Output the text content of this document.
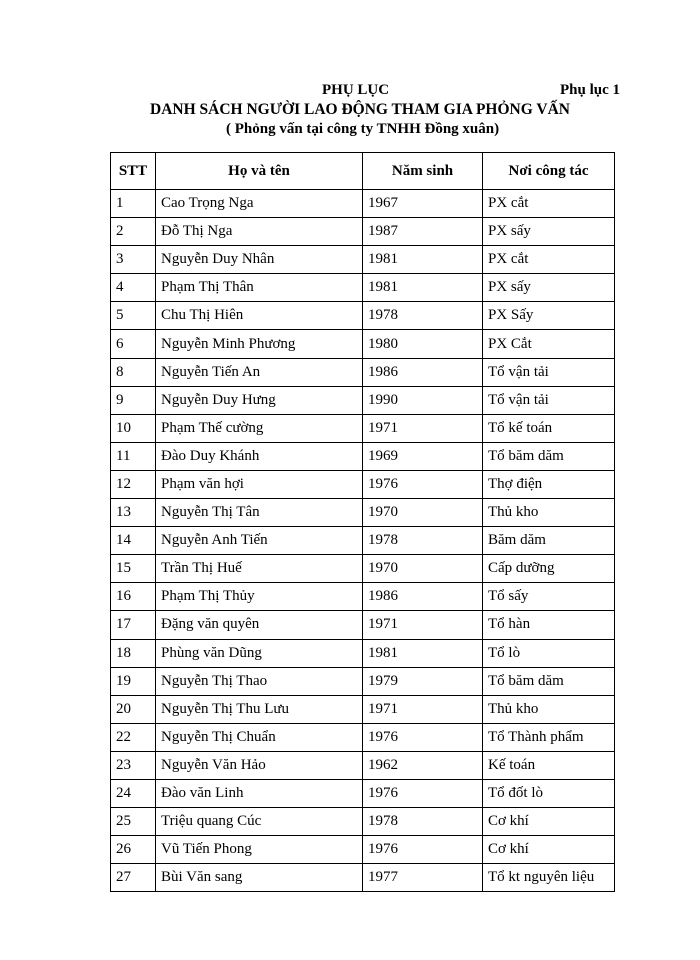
PHỤ LỤC	Phụ lục 1
DANH SÁCH NGƯỜI LAO ĐỘNG THAM GIA PHỎNG VẤN
( Phỏng vấn tại công ty TNHH Đồng xuân)
STT	Họ và tên	Năm sinh	Nơi công tác
1	Cao Trọng Nga	1967	PX cắt
2	Đỗ Thị Nga	1987	PX sấy
3	Nguyễn Duy Nhân	1981	PX cắt
4	Phạm Thị Thân	1981	PX sấy
5	Chu Thị Hiên	1978	PX Sấy
6	Nguyễn Minh Phương	1980	PX Cắt
8	Nguyễn Tiến An	1986	Tổ vận tải
9	Nguyễn Duy Hưng	1990	Tổ vận tải
10	Phạm Thế cường	1971	Tổ kế toán
11	Đào Duy Khánh	1969	Tổ băm dăm
12	Phạm văn hợi	1976	Thợ điện
13	Nguyễn Thị Tân	1970	Thủ kho
14	Nguyễn Anh Tiến	1978	Băm dăm
15	Trần Thị Huế	1970	Cấp dưỡng
16	Phạm Thị Thủy	1986	Tổ sấy
17	Đặng văn quyên	1971	Tổ hàn
18	Phùng văn Dũng	1981	Tổ lò
19	Nguyễn Thị Thao	1979	Tổ băm dăm
20	Nguyễn Thị Thu Lưu	1971	Thủ kho
22	Nguyễn Thị Chuẩn	1976	Tổ Thành phẩm
23	Nguyễn Văn Hảo	1962	Kế toán
24	Đào văn Linh	1976	Tổ đốt lò
25	Triệu quang Cúc	1978	Cơ khí
26	Vũ Tiến Phong	1976	Cơ khí
27	Bùi Văn sang	1977	Tổ kt nguyên liệu
